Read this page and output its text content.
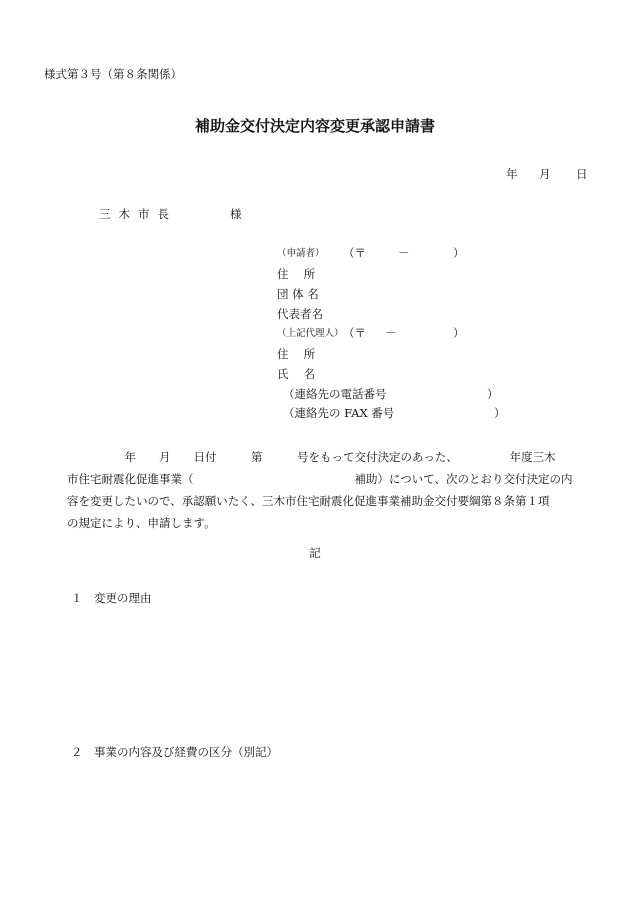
様式第３号（第８条関係）
補助金交付決定内容変更承認申請書
年 月 日
三木市長	様
（申請者） （〒	－	）
住　 所
団 体 名
代表者名
（上記代理人） （〒 －	）
住　 所
氏　 名
（連絡先の電話番号	）
（連絡先の FAX 番号	）
　　　　　年　　月　　日付　　　第　　　号をもって交付決定のあった、　　　　　年度三木
市住宅耐震化促進事業（　　　　　　　　　　　　　　補助）について、次のとおり交付決定の内
容を変更したいので、承認願いたく、三木市住宅耐震化促進事業補助金交付要綱第８条第１項
の規定により、申請します。
記
１　変更の理由
２　事業の内容及び経費の区分（別記）
